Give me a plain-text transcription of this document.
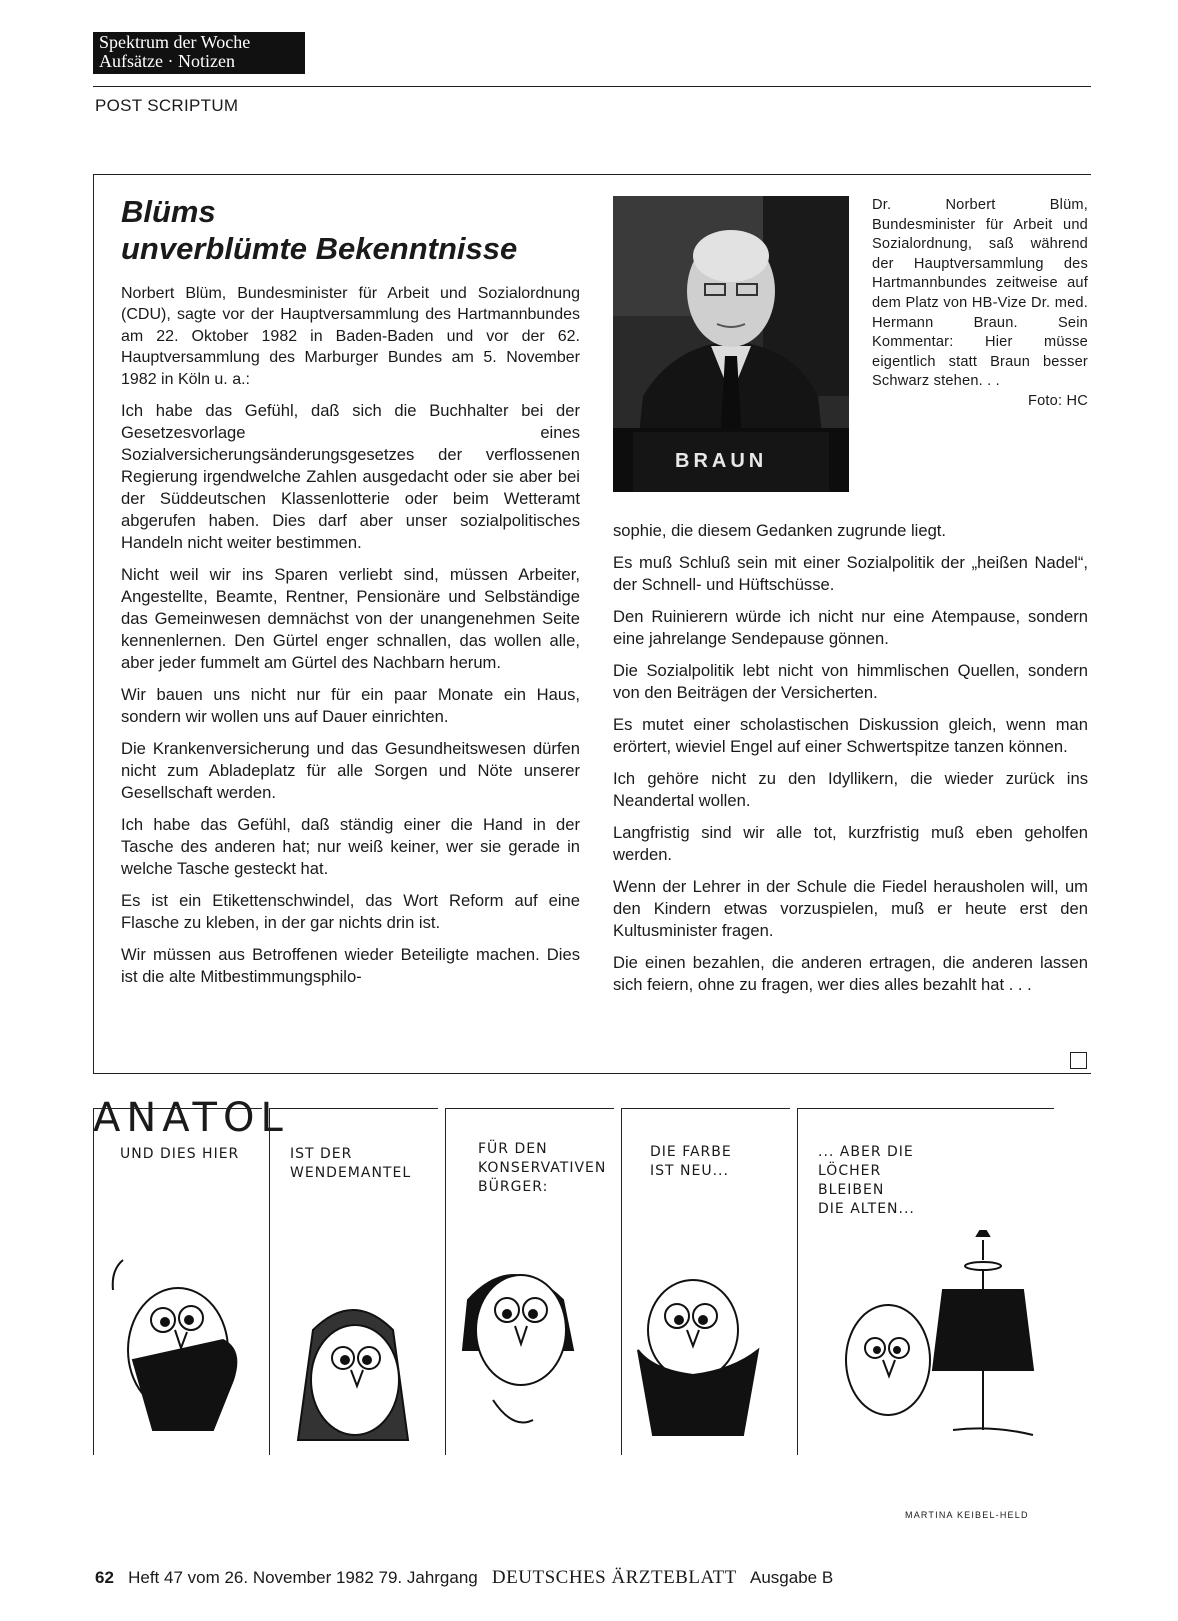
Spektrum der Woche
Aufsätze · Notizen
POST SCRIPTUM
Blüms
unverblümte Bekenntnisse
Norbert Blüm, Bundesminister für Arbeit und Sozialordnung (CDU), sagte vor der Hauptversammlung des Hartmannbundes am 22. Oktober 1982 in Baden-Baden und vor der 62. Hauptversammlung des Marburger Bundes am 5. November 1982 in Köln u. a.:

Ich habe das Gefühl, daß sich die Buchhalter bei der Gesetzesvorlage eines Sozialversicherungsänderungsgesetzes der verflossenen Regierung irgendwelche Zahlen ausgedacht oder sie aber bei der Süddeutschen Klassenlotterie oder beim Wetteramt abgerufen haben. Dies darf aber unser sozialpolitisches Handeln nicht weiter bestimmen.

Nicht weil wir ins Sparen verliebt sind, müssen Arbeiter, Angestellte, Beamte, Rentner, Pensionäre und Selbständige das Gemeinwesen demnächst von der unangenehmen Seite kennenlernen. Den Gürtel enger schnallen, das wollen alle, aber jeder fummelt am Gürtel des Nachbarn herum.

Wir bauen uns nicht nur für ein paar Monate ein Haus, sondern wir wollen uns auf Dauer einrichten.

Die Krankenversicherung und das Gesundheitswesen dürfen nicht zum Abladeplatz für alle Sorgen und Nöte unserer Gesellschaft werden.

Ich habe das Gefühl, daß ständig einer die Hand in der Tasche des anderen hat; nur weiß keiner, wer sie gerade in welche Tasche gesteckt hat.

Es ist ein Etikettenschwindel, das Wort Reform auf eine Flasche zu kleben, in der gar nichts drin ist.

Wir müssen aus Betroffenen wieder Beteiligte machen. Dies ist die alte Mitbestimmungsphilo-

BRAUN
Dr. Norbert Blüm, Bundesminister für Arbeit und Sozialordnung, saß während der Hauptversammlung des Hartmannbundes zeitweise auf dem Platz von HB-Vize Dr. med. Hermann Braun. Sein Kommentar: Hier müsse eigentlich statt Braun besser Schwarz stehen. . .
Foto: HC

sophie, die diesem Gedanken zugrunde liegt.

Es muß Schluß sein mit einer Sozialpolitik der „heißen Nadel“, der Schnell- und Hüftschüsse.

Den Ruinierern würde ich nicht nur eine Atempause, sondern eine jahrelange Sendepause gönnen.

Die Sozialpolitik lebt nicht von himmlischen Quellen, sondern von den Beiträgen der Versicherten.

Es mutet einer scholastischen Diskussion gleich, wenn man erörtert, wieviel Engel auf einer Schwertspitze tanzen können.

Ich gehöre nicht zu den Idyllikern, die wieder zurück ins Neandertal wollen.

Langfristig sind wir alle tot, kurzfristig muß eben geholfen werden.

Wenn der Lehrer in der Schule die Fiedel herausholen will, um den Kindern etwas vorzuspielen, muß er heute erst den Kultusminister fragen.

Die einen bezahlen, die anderen ertragen, die anderen lassen sich feiern, ohne zu fragen, wer dies alles bezahlt hat . . .

ANATOL
UND DIES HIER	IST DER
WENDEMANTEL
FÜR DEN
KONSERVATIVEN
BÜRGER:
DIE FARBE
IST NEU...
... ABER DIE
LÖCHER
BLEIBEN
DIE ALTEN...
MARTINA KEIBEL-HELD
62 Heft 47 vom 26. November 1982 79. Jahrgang DEUTSCHES ÄRZTEBLATT Ausgabe B
